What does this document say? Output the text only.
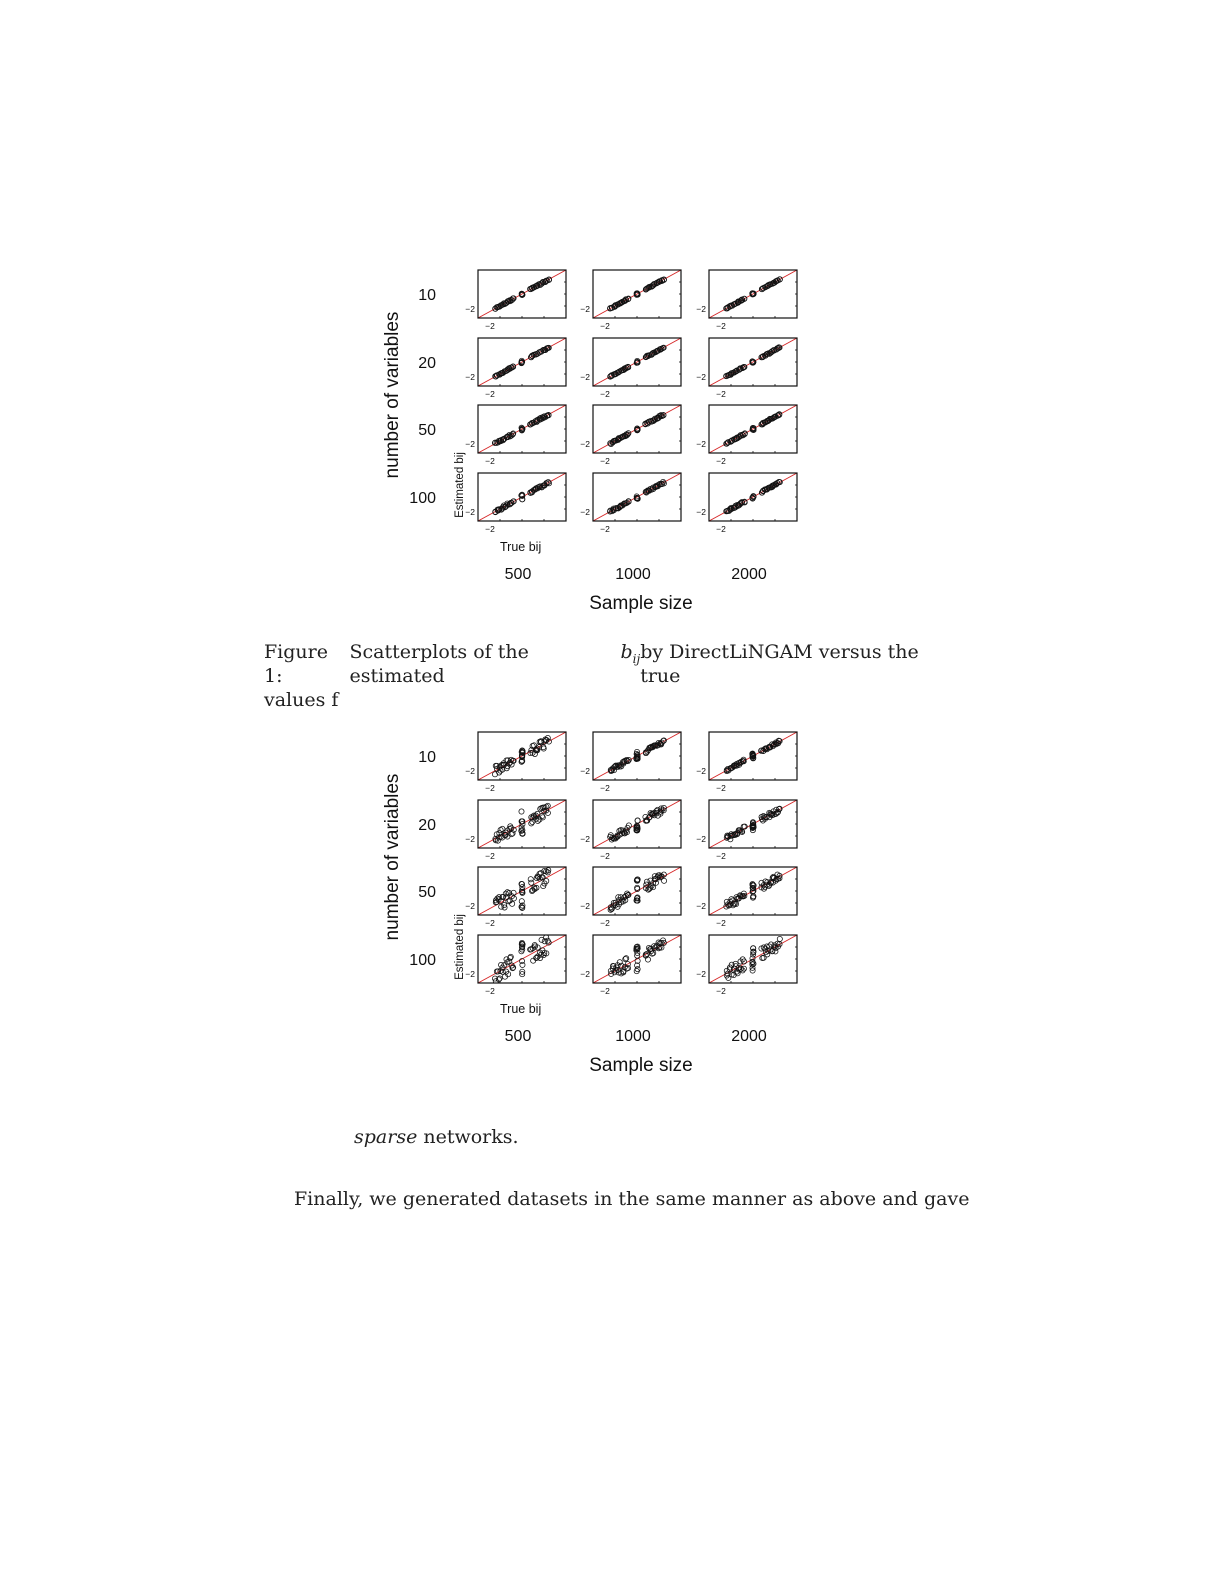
number of variables
Estimated bij
True bij
500	1000	2000
Sample size
10
20
50
100
−2
−2
−2
−2
−2
−2
−2
−2
−2
−2
−2
−2
−2
−2
−2
−2
−2
−2
−2
−2
−2
−2
−2
−2
Figure 1:
Scatterplots of the estimated
$b_{ij}$ by DirectLiNGAM versus the true
values f
number of variables
Estimated bij
True bij
500	1000	2000
Sample size
10
20
50
100
−2
−2
−2
−2
−2
−2
−2
−2
−2
−2
−2
−2
−2
−2
−2
−2
−2
−2
−2
−2
−2
−2
−2
−2
sparse networks.
Finally, we generated datasets in the same manner as above and gave
